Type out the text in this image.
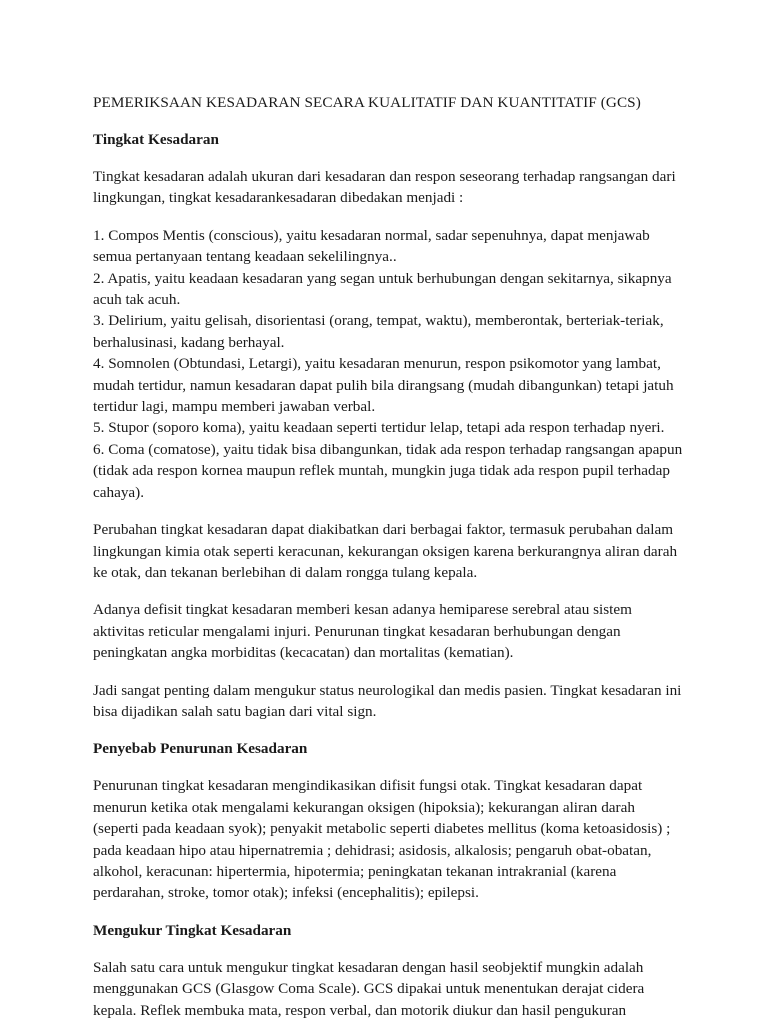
PEMERIKSAAN KESADARAN SECARA KUALITATIF DAN KUANTITATIF (GCS)
Tingkat Kesadaran

Tingkat kesadaran adalah ukuran dari kesadaran dan respon seseorang terhadap rangsangan dari lingkungan, tingkat kesadarankesadaran dibedakan menjadi :

1. Compos Mentis (conscious), yaitu kesadaran normal, sadar sepenuhnya, dapat menjawab semua pertanyaan tentang keadaan sekelilingnya..
2. Apatis, yaitu keadaan kesadaran yang segan untuk berhubungan dengan sekitarnya, sikapnya acuh tak acuh.
3. Delirium, yaitu gelisah, disorientasi (orang, tempat, waktu), memberontak, berteriak-teriak, berhalusinasi, kadang berhayal.
4. Somnolen (Obtundasi, Letargi), yaitu kesadaran menurun, respon psikomotor yang lambat, mudah tertidur, namun kesadaran dapat pulih bila dirangsang (mudah dibangunkan) tetapi jatuh tertidur lagi, mampu memberi jawaban verbal.
5. Stupor (soporo koma), yaitu keadaan seperti tertidur lelap, tetapi ada respon terhadap nyeri.
6. Coma (comatose), yaitu tidak bisa dibangunkan, tidak ada respon terhadap rangsangan apapun (tidak ada respon kornea maupun reflek muntah, mungkin juga tidak ada respon pupil terhadap cahaya).

Perubahan tingkat kesadaran dapat diakibatkan dari berbagai faktor, termasuk perubahan dalam lingkungan kimia otak seperti keracunan, kekurangan oksigen karena berkurangnya aliran darah ke otak, dan tekanan berlebihan di dalam rongga tulang kepala.

Adanya defisit tingkat kesadaran memberi kesan adanya hemiparese serebral atau sistem aktivitas reticular mengalami injuri. Penurunan tingkat kesadaran berhubungan dengan peningkatan angka morbiditas (kecacatan) dan mortalitas (kematian).

Jadi sangat penting dalam mengukur status neurologikal dan medis pasien. Tingkat kesadaran ini bisa dijadikan salah satu bagian dari vital sign.

Penyebab Penurunan Kesadaran

Penurunan tingkat kesadaran mengindikasikan difisit fungsi otak. Tingkat kesadaran dapat menurun ketika otak mengalami kekurangan oksigen (hipoksia); kekurangan aliran darah (seperti pada keadaan syok); penyakit metabolic seperti diabetes mellitus (koma ketoasidosis) ; pada keadaan hipo atau hipernatremia ; dehidrasi; asidosis, alkalosis; pengaruh obat-obatan, alkohol, keracunan: hipertermia, hipotermia; peningkatan tekanan intrakranial (karena perdarahan, stroke, tomor otak); infeksi (encephalitis); epilepsi.

Mengukur Tingkat Kesadaran

Salah satu cara untuk mengukur tingkat kesadaran dengan hasil seobjektif mungkin adalah menggunakan GCS (Glasgow Coma Scale). GCS dipakai untuk menentukan derajat cidera kepala. Reflek membuka mata, respon verbal, dan motorik diukur dan hasil pengukuran
